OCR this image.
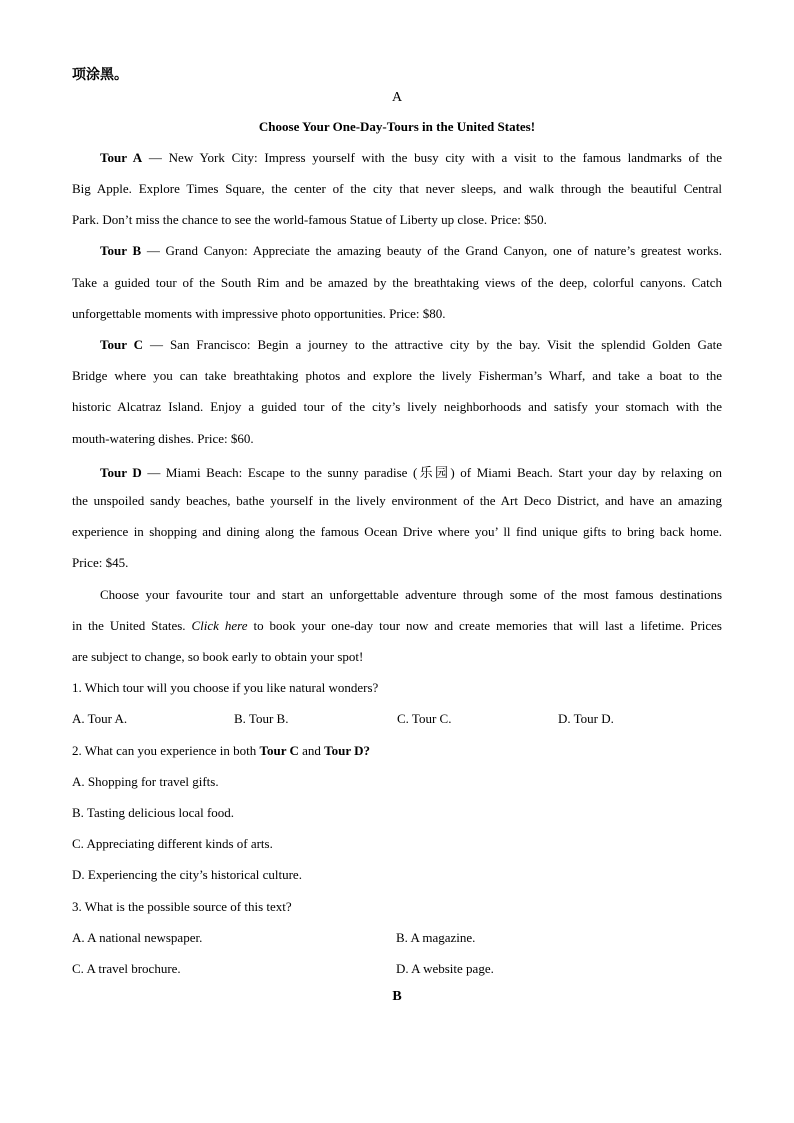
项涂黑。
A
Choose Your One-Day-Tours in the United States!
Tour A — New York City: Impress yourself with the busy city with a visit to the famous landmarks of the
Big Apple. Explore Times Square, the center of the city that never sleeps, and walk through the beautiful Central
Park. Don’t miss the chance to see the world-famous Statue of Liberty up close. Price: $50.
Tour B — Grand Canyon: Appreciate the amazing beauty of the Grand Canyon, one of nature’s greatest works.
Take a guided tour of the South Rim and be amazed by the breathtaking views of the deep, colorful canyons. Catch
unforgettable moments with impressive photo opportunities. Price: $80.
Tour C — San Francisco: Begin a journey to the attractive city by the bay. Visit the splendid Golden Gate
Bridge where you can take breathtaking photos and explore the lively Fisherman’s Wharf, and take a boat to the
historic Alcatraz Island. Enjoy a guided tour of the city’s lively neighborhoods and satisfy your stomach with the
mouth-watering dishes. Price: $60.
Tour D — Miami Beach: Escape to the sunny paradise (乐园) of Miami Beach. Start your day by relaxing on
the unspoiled sandy beaches, bathe yourself in the lively environment of the Art Deco District, and have an amazing
experience in shopping and dining along the famous Ocean Drive where you’ ll find unique gifts to bring back home.
Price: $45.
Choose your favourite tour and start an unforgettable adventure through some of the most famous destinations
in the United States. Click here to book your one-day tour now and create memories that will last a lifetime. Prices
are subject to change, so book early to obtain your spot!
1. Which tour will you choose if you like natural wonders?
A. Tour A.	B. Tour B.	C. Tour C.	D. Tour D.
2. What can you experience in both Tour C and Tour D?
A. Shopping for travel gifts.
B. Tasting delicious local food.
C. Appreciating different kinds of arts.
D. Experiencing the city’s historical culture.
3. What is the possible source of this text?
A. A national newspaper.	B. A magazine.
C. A travel brochure.	D. A website page.
B
